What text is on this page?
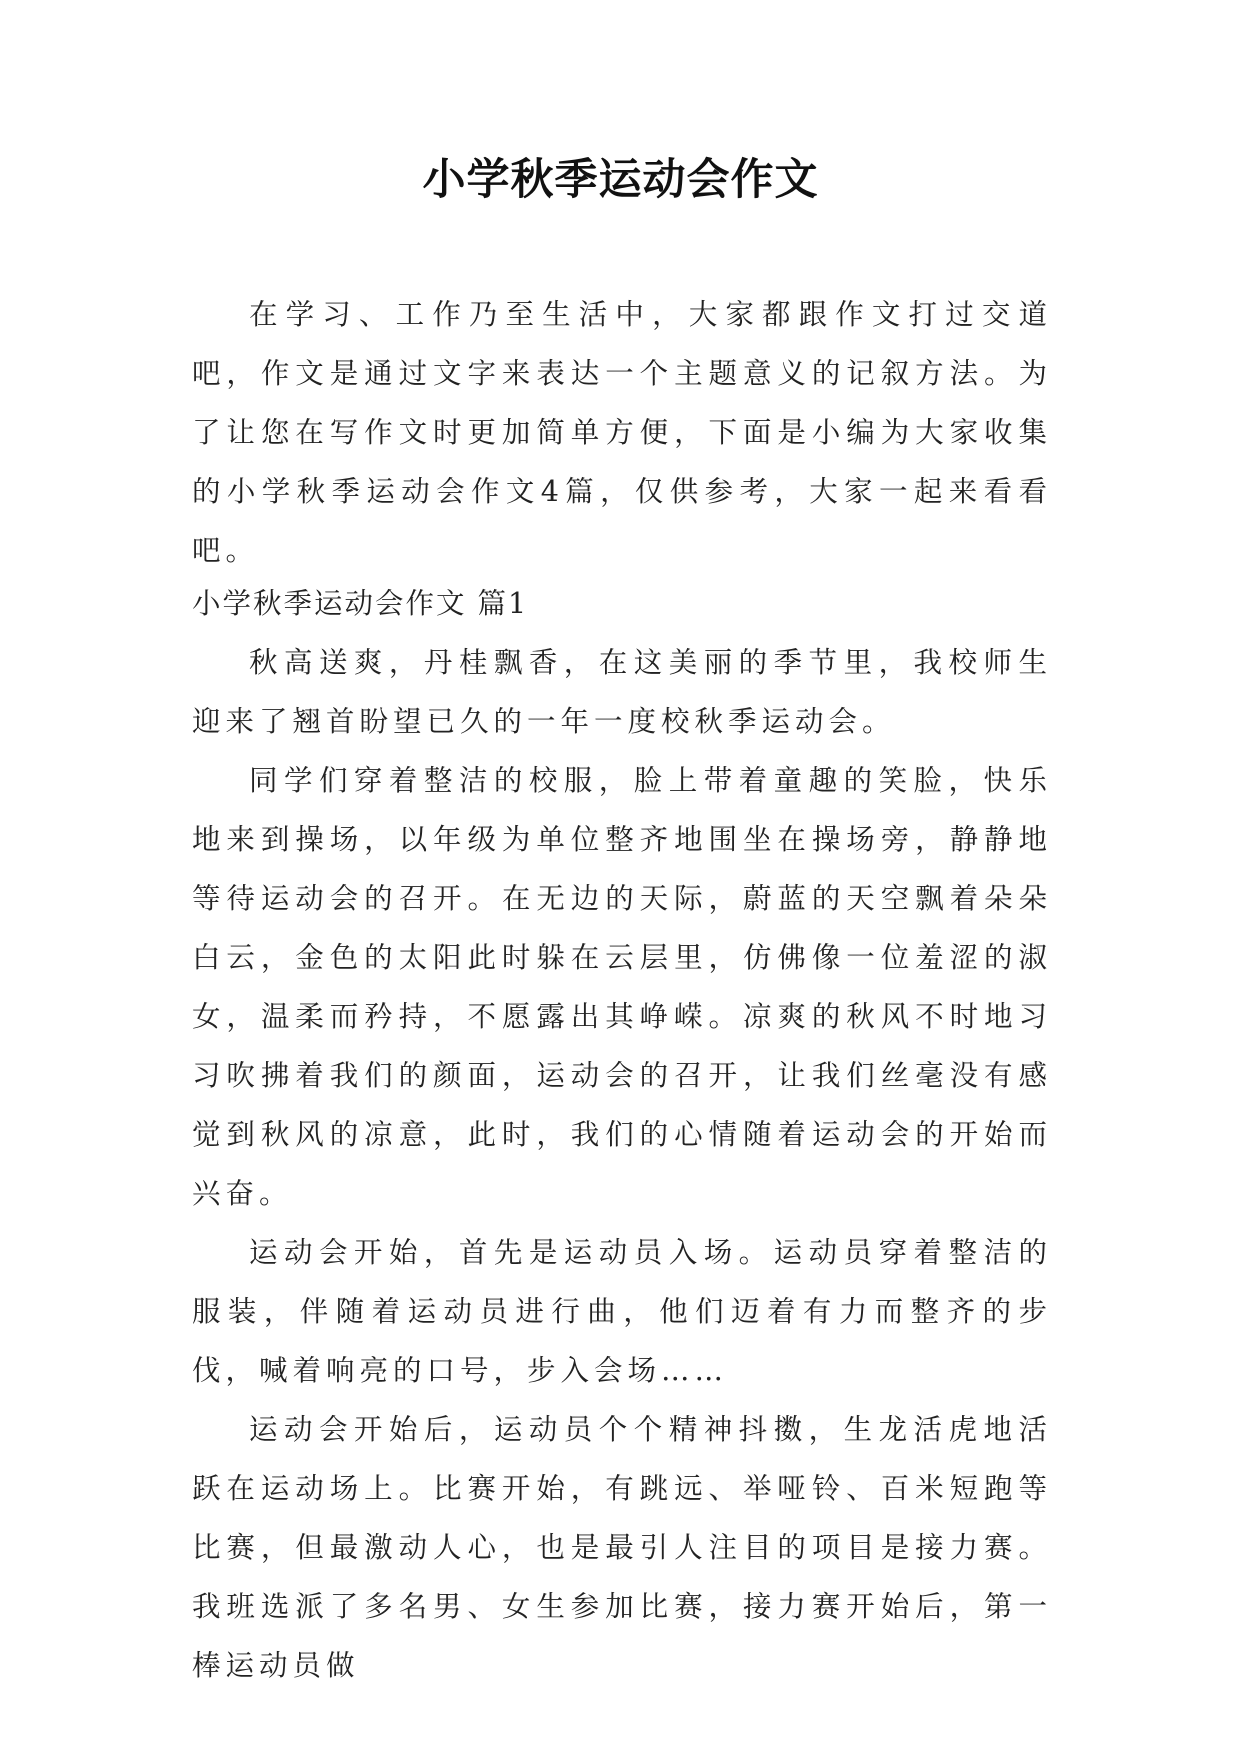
小学秋季运动会作文

在学习、工作乃至生活中，大家都跟作文打过交道吧，作文是通过文字来表达一个主题意义的记叙方法。为了让您在写作文时更加简单方便，下面是小编为大家收集的小学秋季运动会作文4篇，仅供参考，大家一起来看看吧。

小学秋季运动会作文 篇1

秋高送爽，丹桂飘香，在这美丽的季节里，我校师生迎来了翘首盼望已久的一年一度校秋季运动会。

同学们穿着整洁的校服，脸上带着童趣的笑脸，快乐地来到操场，以年级为单位整齐地围坐在操场旁，静静地等待运动会的召开。在无边的天际，蔚蓝的天空飘着朵朵白云，金色的太阳此时躲在云层里，仿佛像一位羞涩的淑女，温柔而矜持，不愿露出其峥嵘。凉爽的秋风不时地习习吹拂着我们的颜面，运动会的召开，让我们丝毫没有感觉到秋风的凉意，此时，我们的心情随着运动会的开始而兴奋。

运动会开始，首先是运动员入场。运动员穿着整洁的服装，伴随着运动员进行曲，他们迈着有力而整齐的步伐，喊着响亮的口号，步入会场……

运动会开始后，运动员个个精神抖擞，生龙活虎地活跃在运动场上。比赛开始，有跳远、举哑铃、百米短跑等比赛，但最激动人心，也是最引人注目的项目是接力赛。我班选派了多名男、女生参加比赛，接力赛开始后，第一棒运动员做
